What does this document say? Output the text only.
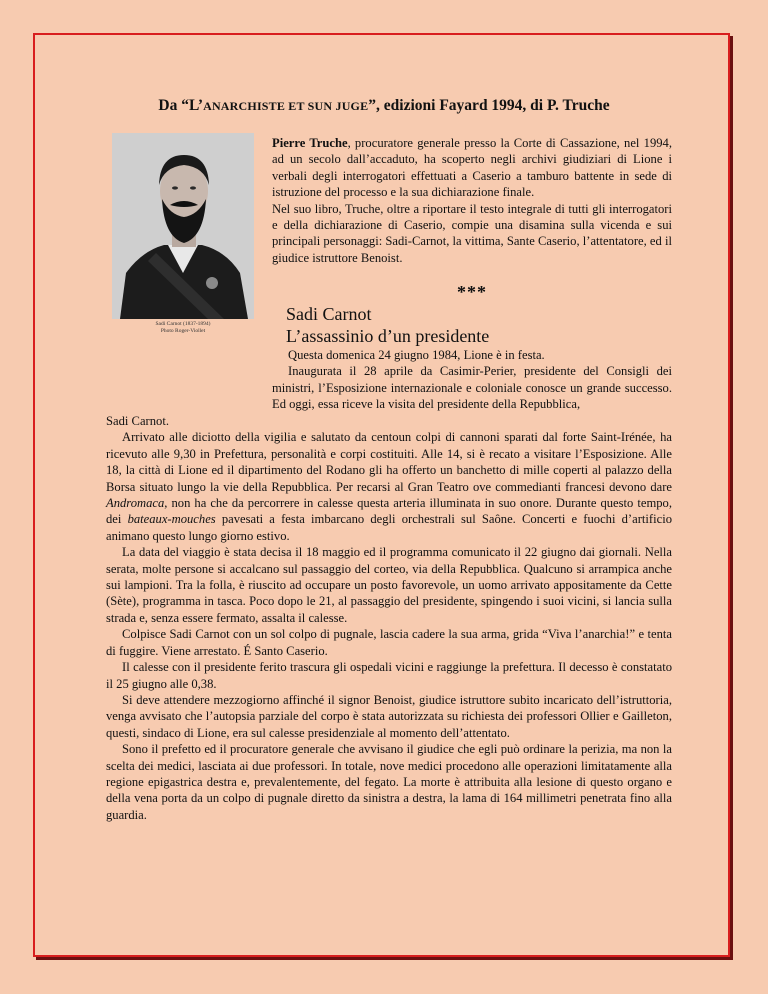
Da “L’ANARCHISTE ET SUN JUGE”, edizioni Fayard 1994, di P. Truche
Sadi Carnot (1837-1894)
Photo Roger-Viollet
Pierre Truche, procuratore generale presso la Corte di Cassazione, nel 1994, ad un secolo dall’accaduto, ha scoperto negli archivi giudiziari di Lione i verbali degli interrogatori effettuati a Caserio a tamburo battente in sede di istruzione del processo e la sua dichiarazione finale.
Nel suo libro, Truche, oltre a riportare il testo integrale di tutti gli interrogatori e della dichiarazione di Caserio, compie una disamina sulla vicenda e sui principali personaggi: Sadi-Carnot, la vittima, Sante Caserio, l’attentatore, ed il giudice istruttore Benoist.
***
Sadi Carnot
L’assassinio d’un presidente

Questa domenica 24 giugno 1984, Lione è in festa.

Inaugurata il 28 aprile da Casimir-Perier, presidente del Consigli dei ministri, l’Esposizione internazionale e coloniale conosce un grande successo. Ed oggi, essa riceve la visita del presidente della Repubblica,

Sadi Carnot.

Arrivato alle diciotto della vigilia e salutato da centoun colpi di cannoni sparati dal forte Saint-Irénée, ha ricevuto alle 9,30 in Prefettura, personalità e corpi costituiti. Alle 14, si è recato a visitare l’Esposizione. Alle 18, la città di Lione ed il dipartimento del Rodano gli ha offerto un banchetto di mille coperti al palazzo della Borsa situato lungo la vie della Repubblica. Per recarsi al Gran Teatro ove commedianti francesi devono dare Andromaca, non ha che da percorrere in calesse questa arteria illuminata in suo onore. Durante questo tempo, dei bateaux-mouches pavesati a festa imbarcano degli orchestrali sul Saône. Concerti e fuochi d’artificio animano questo lungo giorno estivo.

La data del viaggio è stata decisa il 18 maggio ed il programma comunicato il 22 giugno dai giornali. Nella serata, molte persone si accalcano sul passaggio del corteo, via della Repubblica. Qualcuno si arrampica anche sui lampioni. Tra la folla, è riuscito ad occupare un posto favorevole, un uomo arrivato appositamente da Cette (Sète), programma in tasca. Poco dopo le 21, al passaggio del presidente, spingendo i suoi vicini, si lancia sulla strada e, senza essere fermato, assalta il calesse.

Colpisce Sadi Carnot con un sol colpo di pugnale, lascia cadere la sua arma, grida “Viva l’anarchia!” e tenta di fuggire. Viene arrestato. É Santo Caserio.

Il calesse con il presidente ferito trascura gli ospedali vicini e raggiunge la prefettura. Il decesso è constatato il 25 giugno alle 0,38.

Si deve attendere mezzogiorno affinché il signor Benoist, giudice istruttore subito incaricato dell’istruttoria, venga avvisato che l’autopsia parziale del corpo è stata autorizzata su richiesta dei professori Ollier e Gailleton, questi, sindaco di Lione, era sul calesse presidenziale al momento dell’attentato.

Sono il prefetto ed il procuratore generale che avvisano il giudice che egli può ordinare la perizia, ma non la scelta dei medici, lasciata ai due professori. In totale, nove medici procedono alle operazioni limitatamente alla regione epigastrica destra e, prevalentemente, del fegato. La morte è attribuita alla lesione di questo organo e della vena porta da un colpo di pugnale diretto da sinistra a destra, la lama di 164 millimetri penetrata fino alla guardia.
